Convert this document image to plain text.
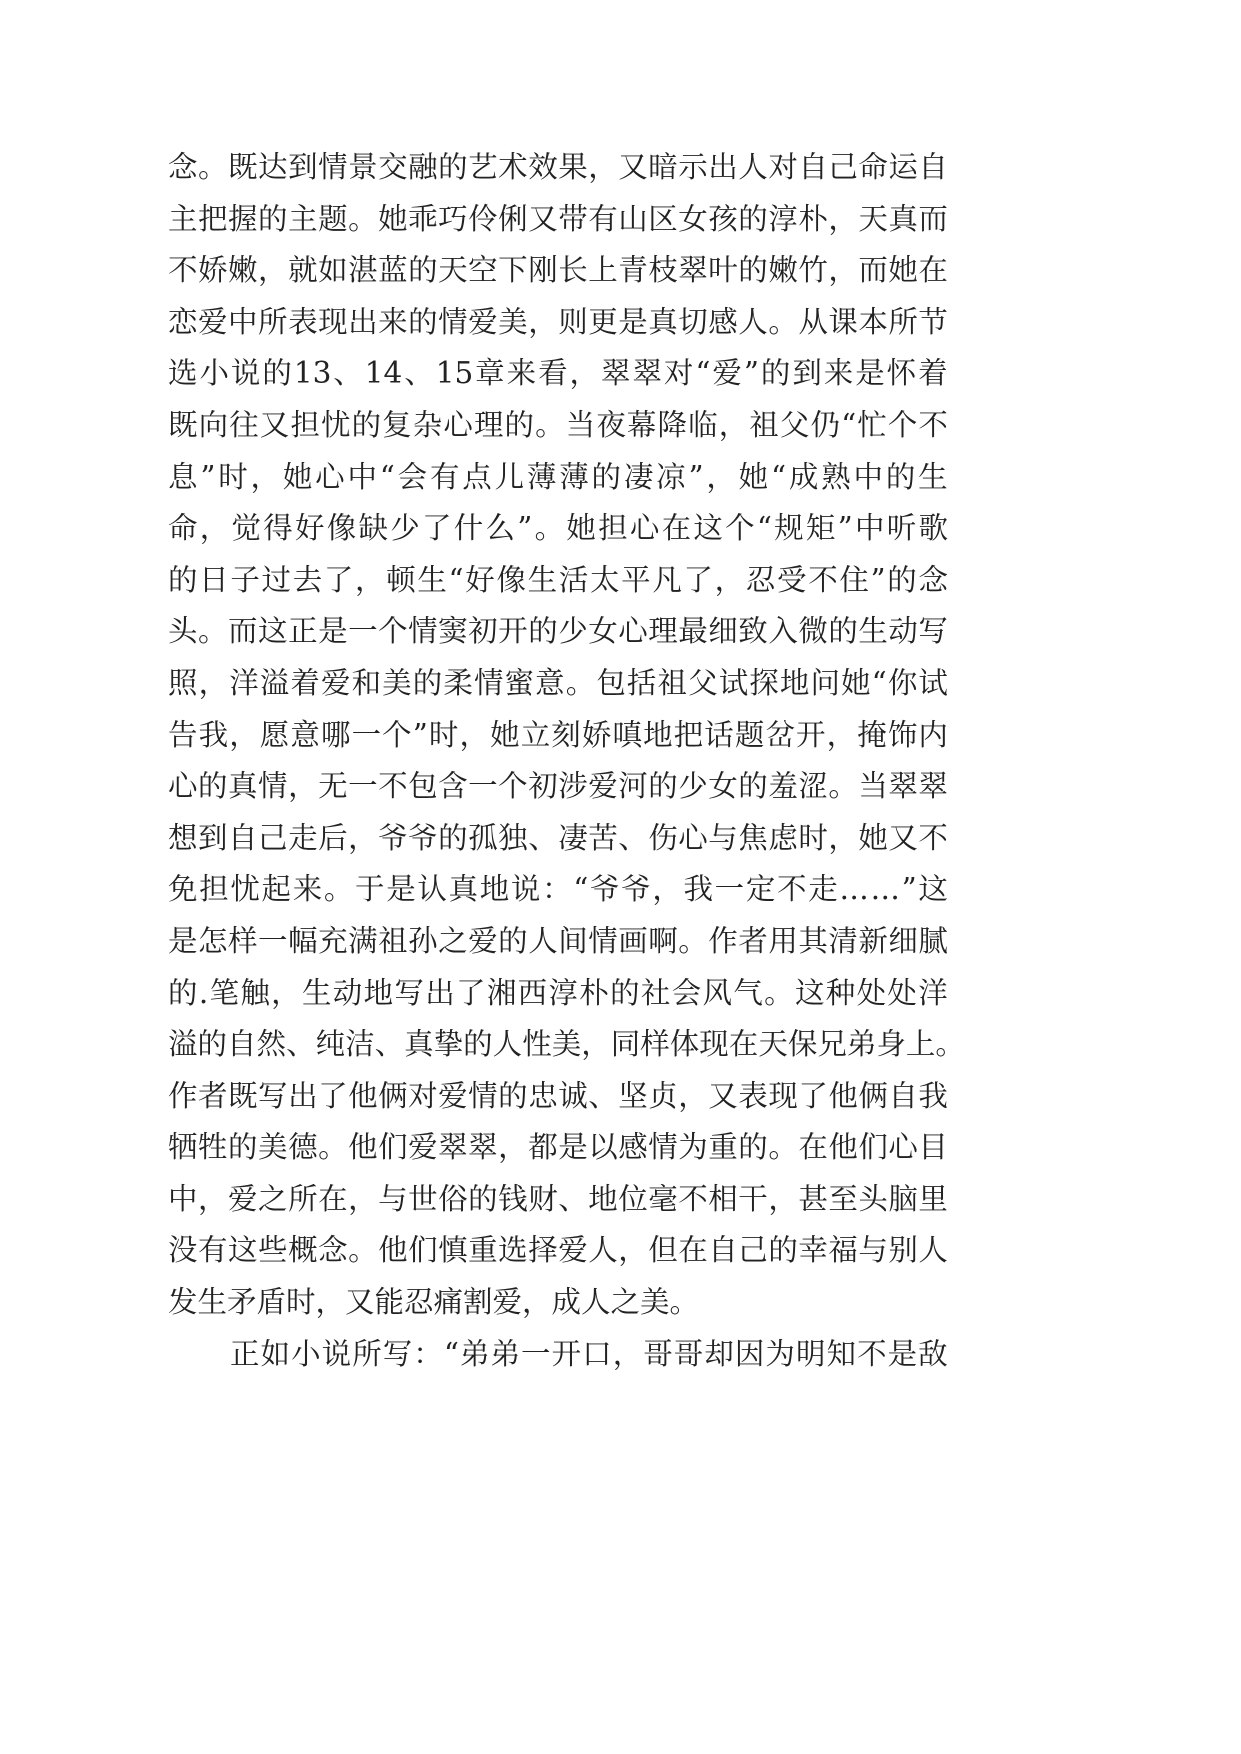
念 。 既 达 到 情 景 交 融 的 艺 术 效 果 ， 又 暗 示 出 人 对 自 己 命 运 自
主 把 握 的 主 题 。 她 乖 巧 伶 俐 又 带 有 山 区 女 孩 的 淳 朴 ， 天 真 而
不 娇 嫩 ， 就 如 湛 蓝 的 天 空 下 刚 长 上 青 枝 翠 叶 的 嫩 竹 ， 而 她 在
恋 爱 中 所 表 现 出 来 的 情 爱 美 ， 则 更 是 真 切 感 人 。 从 课 本 所 节
选 小 说 的 13 、 14 、 15 章 来 看 ， 翠 翠 对 “ 爱 ” 的 到 来 是 怀 着
既 向 往 又 担 忧 的 复 杂 心 理 的 。 当 夜 幕 降 临 ， 祖 父 仍 “ 忙 个 不
息 ” 时 ， 她 心 中 “ 会 有 点 儿 薄 薄 的 凄 凉 ” ， 她 “ 成 熟 中 的 生
命 ， 觉 得 好 像 缺 少 了 什 么 ” 。 她 担 心 在 这 个 “ 规 矩 ” 中 听 歌
的 日 子 过 去 了 ， 顿 生 “ 好 像 生 活 太 平 凡 了 ， 忍 受 不 住 ” 的 念
头 。 而 这 正 是 一 个 情 窦 初 开 的 少 女 心 理 最 细 致 入 微 的 生 动 写
照 ， 洋 溢 着 爱 和 美 的 柔 情 蜜 意 。 包 括 祖 父 试 探 地 问 她 “ 你 试
告 我 ， 愿 意 哪 一 个 ” 时 ， 她 立 刻 娇 嗔 地 把 话 题 岔 开 ， 掩 饰 内
心 的 真 情 ， 无 一 不 包 含 一 个 初 涉 爱 河 的 少 女 的 羞 涩 。 当 翠 翠
想 到 自 己 走 后 ， 爷 爷 的 孤 独 、 凄 苦 、 伤 心 与 焦 虑 时 ， 她 又 不
免 担 忧 起 来 。 于 是 认 真 地 说 ： “ 爷 爷 ， 我 一 定 不 走 … … ” 这
是 怎 样 一 幅 充 满 祖 孙 之 爱 的 人 间 情 画 啊 。 作 者 用 其 清 新 细 腻
的 . 笔 触 ， 生 动 地 写 出 了 湘 西 淳 朴 的 社 会 风 气 。 这 种 处 处 洋
溢 的 自 然 、 纯 洁 、 真 挚 的 人 性 美 ， 同 样 体 现 在 天 保 兄 弟 身 上 。
作 者 既 写 出 了 他 俩 对 爱 情 的 忠 诚 、 坚 贞 ， 又 表 现 了 他 俩 自 我
牺 牲 的 美 德 。 他 们 爱 翠 翠 ， 都 是 以 感 情 为 重 的 。 在 他 们 心 目
中 ， 爱 之 所 在 ， 与 世 俗 的 钱 财 、 地 位 毫 不 相 干 ， 甚 至 头 脑 里
没 有 这 些 概 念 。 他 们 慎 重 选 择 爱 人 ， 但 在 自 己 的 幸 福 与 别 人
发生矛盾时，又能忍痛割爱，成人之美。
正 如 小 说 所 写 ： “ 弟 弟 一 开 口 ， 哥 哥 却 因 为 明 知 不 是 敌
